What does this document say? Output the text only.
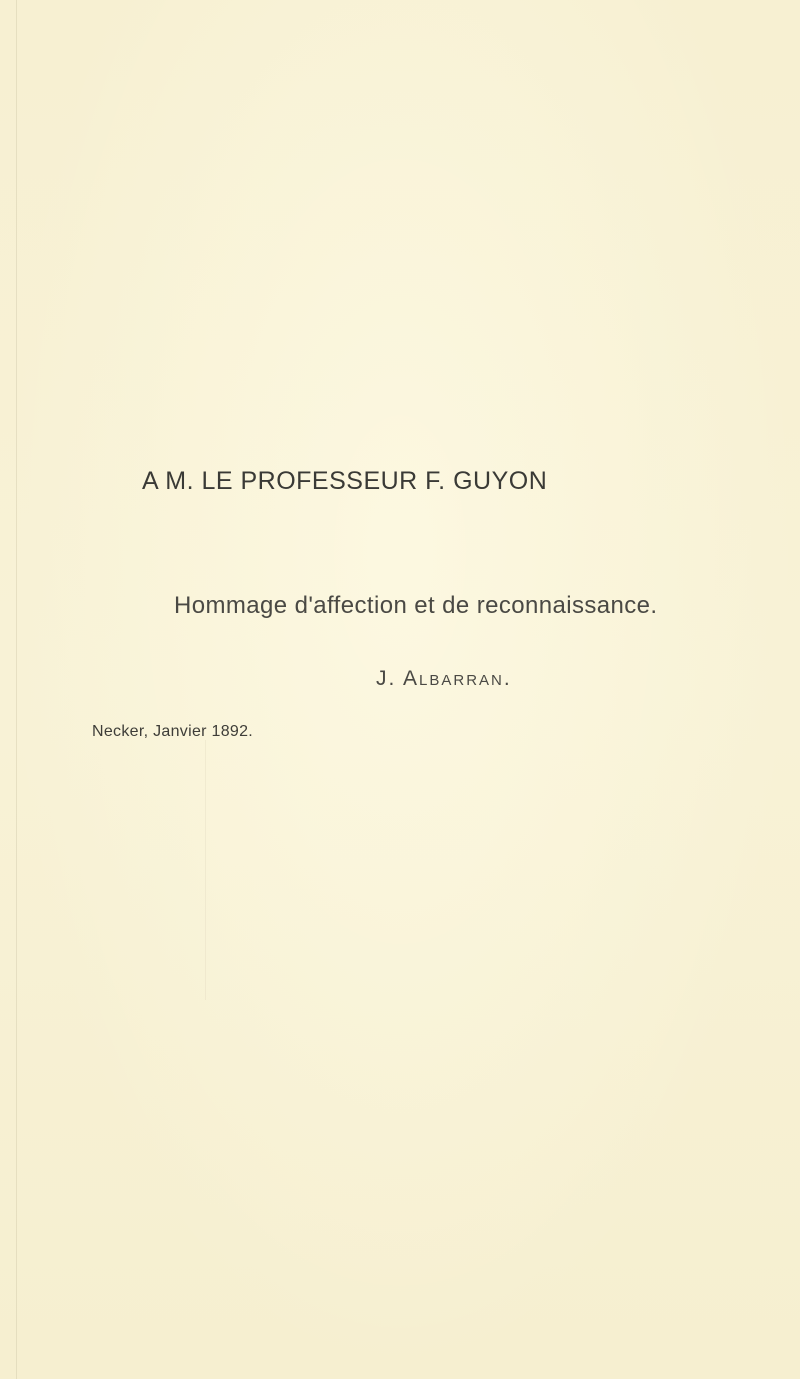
A M. LE PROFESSEUR F. GUYON

Hommage d'affection et de reconnaissance.

J. Albarran.

Necker, Janvier 1892.
